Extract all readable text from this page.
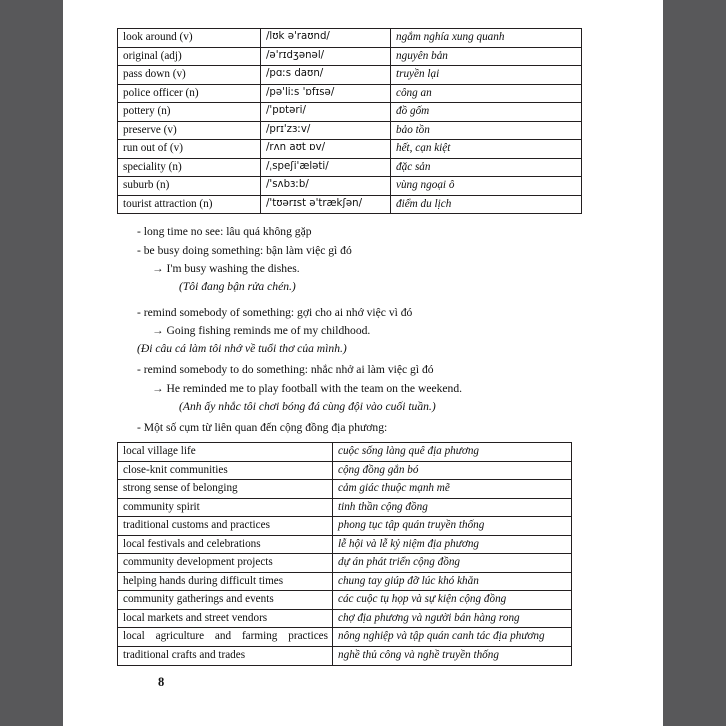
look around (v)	/lʊk ə'raʊnd/	ngắm nghía xung quanh
original (adj)	/ə'rɪdʒənəl/	nguyên bản
pass down (v)	/pɑːs daʊn/	truyền lại
police officer (n)	/pə'liːs 'ɒfɪsə/	công an
pottery (n)	/'pɒtəri/	đồ gốm
preserve (v)	/prɪ'zɜːv/	bảo tồn
run out of (v)	/rʌn aʊt ɒv/	hết, cạn kiệt
speciality (n)	/ˌspeʃi'æləti/	đặc sản
suburb (n)	/'sʌbɜːb/	vùng ngoại ô
tourist attraction (n)	/'tʊərɪst ə'trækʃən/	điểm du lịch
- long time no see: lâu quá không gặp
- be busy doing something: bận làm việc gì đó
→ I'm busy washing the dishes.
(Tôi đang bận rửa chén.)
- remind somebody of something: gợi cho ai nhớ việc vì đó
→ Going fishing reminds me of my childhood.
(Đi câu cá làm tôi nhớ về tuổi thơ của mình.)
- remind somebody to do something: nhắc nhở ai làm việc gì đó
→ He reminded me to play football with the team on the weekend.
(Anh ấy nhắc tôi chơi bóng đá cùng đội vào cuối tuần.)
- Một số cụm từ liên quan đến cộng đồng địa phương:
local village life	cuộc sống làng quê địa phương
close-knit communities	cộng đồng gắn bó
strong sense of belonging	cảm giác thuộc mạnh mẽ
community spirit	tinh thần cộng đồng
traditional customs and practices	phong tục tập quán truyền thống
local festivals and celebrations	lễ hội và lễ kỷ niệm địa phương
community development projects	dự án phát triển cộng đồng
helping hands during difficult times	chung tay giúp đỡ lúc khó khăn
community gatherings and events	các cuộc tụ họp và sự kiện cộng đồng
local markets and street vendors	chợ địa phương và người bán hàng rong
local agriculture and farming practices	nông nghiệp và tập quán canh tác địa phương
traditional crafts and trades	nghề thủ công và nghề truyền thống
8
